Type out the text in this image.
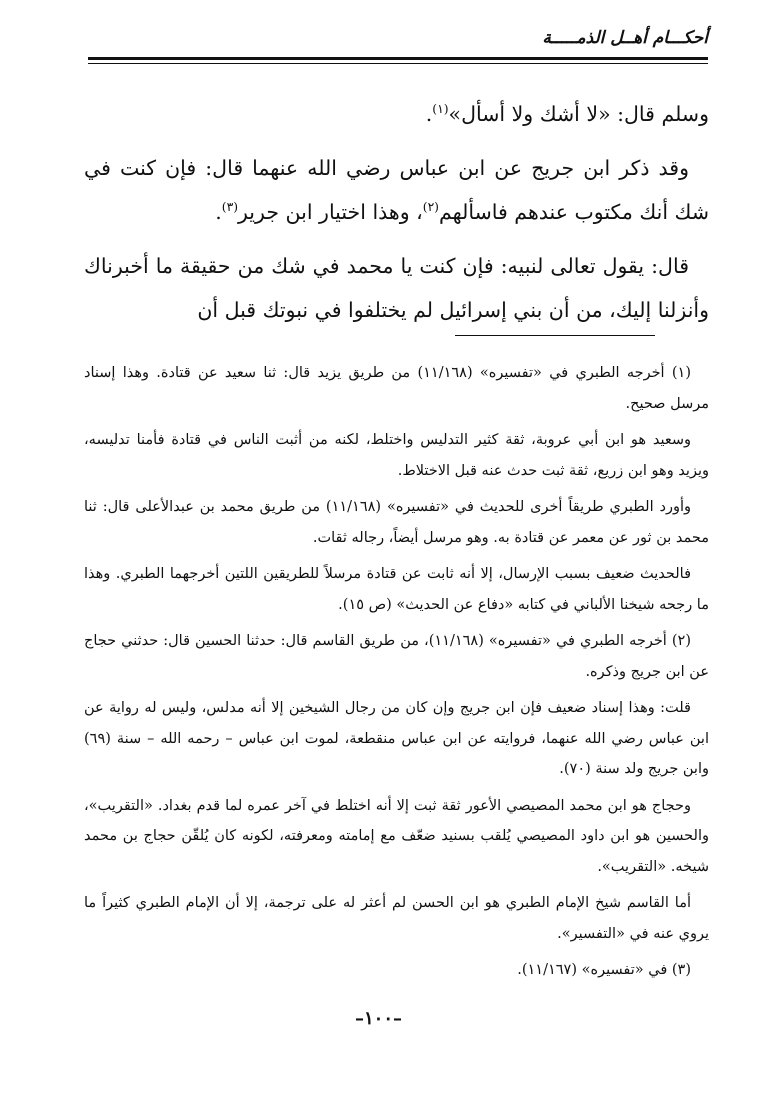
أحكـــام أهــل الذمـــــة

وسلم قال: «لا أشك ولا أسأل»$^{(١)}$.

وقد ذكر ابن جريج عن ابن عباس رضي الله عنهما قال: فإن كنت في شك أنك مكتوب عندهم فاسألهم$^{(٢)}$، وهذا اختيار ابن جرير$^{(٣)}$.

قال: يقول تعالى لنبيه: فإن كنت يا محمد في شك من حقيقة ما أخبرناك وأنزلنا إليك، من أن بني إسرائيل لم يختلفوا في نبوتك قبل أن

(١) أخرجه الطبري في «تفسيره» (١١/١٦٨) من طريق يزيد قال: ثنا سعيد عن قتادة. وهذا إسناد مرسل صحيح.

وسعيد هو ابن أبي عروبة، ثقة كثير التدليس واختلط، لكنه من أثبت الناس في قتادة فأمنا تدليسه، ويزيد وهو ابن زريع، ثقة ثبت حدث عنه قبل الاختلاط.

وأورد الطبري طريقاً أخرى للحديث في «تفسيره» (١١/١٦٨) من طريق محمد بن عبدالأعلى قال: ثنا محمد بن ثور عن معمر عن قتادة به. وهو مرسل أيضاً، رجاله ثقات.

فالحديث ضعيف بسبب الإرسال، إلا أنه ثابت عن قتادة مرسلاً للطريقين اللتين أخرجهما الطبري. وهذا ما رجحه شيخنا الألباني في كتابه «دفاع عن الحديث» (ص ١٥).

(٢) أخرجه الطبري في «تفسيره» (١١/١٦٨)، من طريق القاسم قال: حدثنا الحسين قال: حدثني حجاج عن ابن جريج وذكره.

قلت: وهذا إسناد ضعيف فإن ابن جريج وإن كان من رجال الشيخين إلا أنه مدلس، وليس له رواية عن ابن عباس رضي الله عنهما، فروايته عن ابن عباس منقطعة، لموت ابن عباس – رحمه الله – سنة (٦٩) وابن جريج ولد سنة (٧٠).

وحجاج هو ابن محمد المصيصي الأعور ثقة ثبت إلا أنه اختلط في آخر عمره لما قدم بغداد. «التقريب»، والحسين هو ابن داود المصيصي يُلقب بسنيد ضعّف مع إمامته ومعرفته، لكونه كان يُلقّن حجاج بن محمد شيخه. «التقريب».

أما القاسم شيخ الإمام الطبري هو ابن الحسن لم أعثر له على ترجمة، إلا أن الإمام الطبري كثيراً ما يروي عنه في «التفسير».

(٣) في «تفسيره» (١١/١٦٧).

–١٠٠–
